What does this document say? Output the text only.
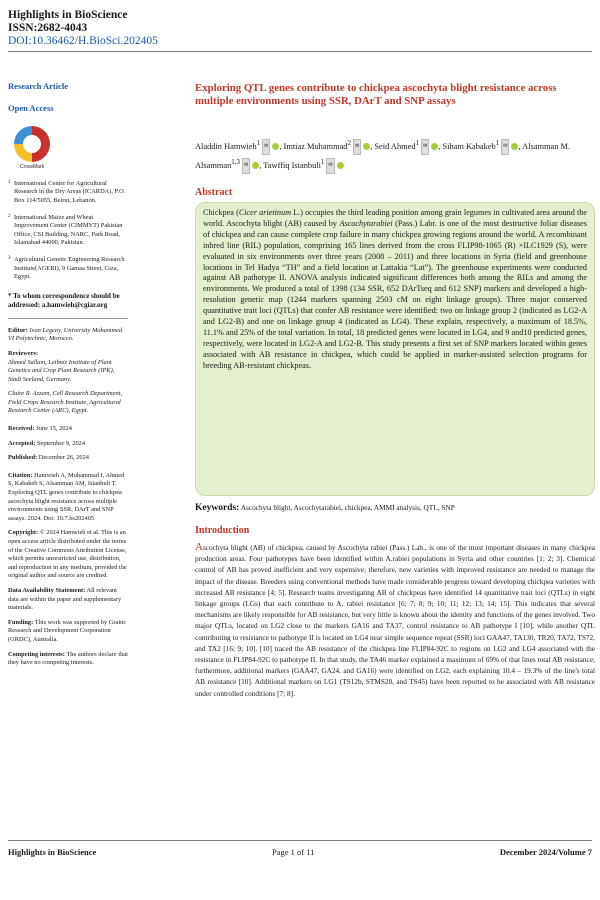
Highlights in BioScience
ISSN:2682-4043
DOI:10.36462/H.BioSci.202405
Research Article
Open Access
CrossMark
1 International Center for Agricultural Research in the Dry Areas (ICARDA), P.O. Box 114/5055, Beirut, Lebanon.
2 International Maize and Wheat Improvement Center (CIMMYT) Pakistan Office, CSI Building, NARC, Park Road, Islamabad 44000, Pakistan.
3 Agricultural Genetic Engineering Research Institute(AGERI), 9 Gamaa Street, Giza, Egypt.
* To whom correspondence should be addressed: a.hamwieh@cgiar.org
Editor: Ivan Legeay, University Mohammed VI Polytechnic, Morocco.
Reviewers:
Ahmed Sallam, Leibniz Institute of Plant Genetics and Crop Plant Research (IPK), Stadt Seeland, Germany.
Claire R. Azzam, Cell Research Department, Field Crops Research Institute, Agricultural Research Center (ARC), Egypt.
Received: June 15, 2024
Accepted: September 9, 2024
Published: December 26, 2024
Citation: Hamwieh A, Muhammad I, Ahmed S, Kabakeb S, Alsamman AM, Istanbuli T. Exploring QTL genes contribute to chickpea ascochyta blight resistance across multiple environments using SSR, DArT and SNP assays. 2024. Doi: 10.7.bs202405
Copyright: © 2024 Hamwieh et al. This is an open access article distributed under the terms of the Creative Commons Attribution License, which permits unrestricted use, distribution, and reproduction in any medium, provided the original author and source are credited.
Data Availability Statement: All relevant data are within the paper and supplementary materials.
Funding: This work was supported by Grains Research and Development Corporation (GRDC), Australia.
Competing interests: The authors declare that they have no competing interests.
Exploring QTL genes contribute to chickpea ascochyta blight resistance across multiple environments using SSR, DArT and SNP assays
Aladdin Hamwieh$^1$ ✉ , Imtiaz Muhammad$^2$ ✉ , Seid Ahmed$^1$ ✉ , Siham Kabakeb$^1$ ✉ , Alsamman M. Alsamman$^{1,3}$ ✉ , Tawffiq Istanbuli$^1$ ✉
Abstract
Chickpea (Cicer arietinum L.) occupies the third leading position among grain legumes in cultivated area around the world. Ascochyta blight (AB) caused by Ascochytarabiei (Pass.) Labr. is one of the most destructive foliar diseases of chickpea and can cause complete crop failure in many chickpea growing regions around the world. A recombinant inbred line (RIL) population, comprising 165 lines derived from the cross FLIP98-1065 (R) ×ILC1929 (S), were evaluated in six environments over three years (2008 – 2011) and three locations in Syria (field and greenhouse locations in Tel Hadya “TH” and a field location at Lattakia “Lat”). The greenhouse experiments were conducted against AB pathotype II. ANOVA analysis indicated significant differences both among the RILs and among the environments. We produced a total of 1398 (134 SSR, 652 DArTseq and 612 SNP) markers and developed a high-resolution genetic map (1244 markers spanning 2503 cM on eight linkage groups). Three major conserved quantitative trait loci (QTLs) that confer AB resistance were identified: two on linkage group 2 (indicated as LG2-A and LG2-B) and one on linkage group 4 (indicated as LG4). These explain, respectively, a maximum of 18.5%, 11.1% and 25% of the total variation. In total, 18 predicted genes were located in LG4, and 9 and10 predicted genes, respectively, were located in LG2-A and LG2-B. This study presents a first set of SNP markers located within genes associated with AB resistance in chickpea, which could be applied in marker-assisted selection programs for breeding AB-resistant chickpeas.
Keywords: Ascochyta blight, Ascochytarabiei, chickpea, AMMI analysis, QTL, SNP
Introduction
Ascochyta blight (AB) of chickpea, caused by Ascochyta rabiei (Pass.) Lab., is one of the most important diseases in many chickpea production areas. Four pathotypes have been identified within A.rabiei populations in Syria and other countries [1; 2; 3]. Chemical control of AB has proved inefficient and very expensive; therefore, new varieties with improved resistance are needed to manage the impact of the disease. Breeders using conventional methods have made considerable progress toward developing chickpea varieties with increased AB resistance [4; 5]. Research teams investigating AB of chickpeas have identified 14 quantitative trait loci (QTLs) in eight linkage groups (LGs) that each contribute to A. rabiei resistance [6; 7; 8; 9; 10; 11; 12; 13; 14; 15]. This indicates that several mechanisms are likely responsible for AB resistance, but very little is known about the identity and functions of the genes involved. Two major QTLs, located on LG2 close to the markers GA16 and TA37, control resistance to AB pathotype I [10], while another QTL contributing to resistance to pathotype II is located on LG4 near simple sequence repeat (SSR) loci GAA47, TA130, TR20, TA72, TS72, and TA2 [16; 9; 10]. [10] traced the AB resistance of the chickpea line FLIP84-92C to regions on LG2 and LG4 associated with the resistance in FLIP84-92C to pathotype II. In that study, the TA46 marker explained a maximum of 69% of that lines total AB resistance; furthermore, additional markers (GAA47, GA24, and GA16) were identified on LG2, each explaining 10.4 – 19.3% of the line's total AB resistance [10]. Additional markers on LG1 (TS12b, STMS28, and TS45) have been reported to be associated with AB resistance under controlled conditions [7; 8].
Highlights in BioScience	Page 1 of 11	December 2024/Volume 7
